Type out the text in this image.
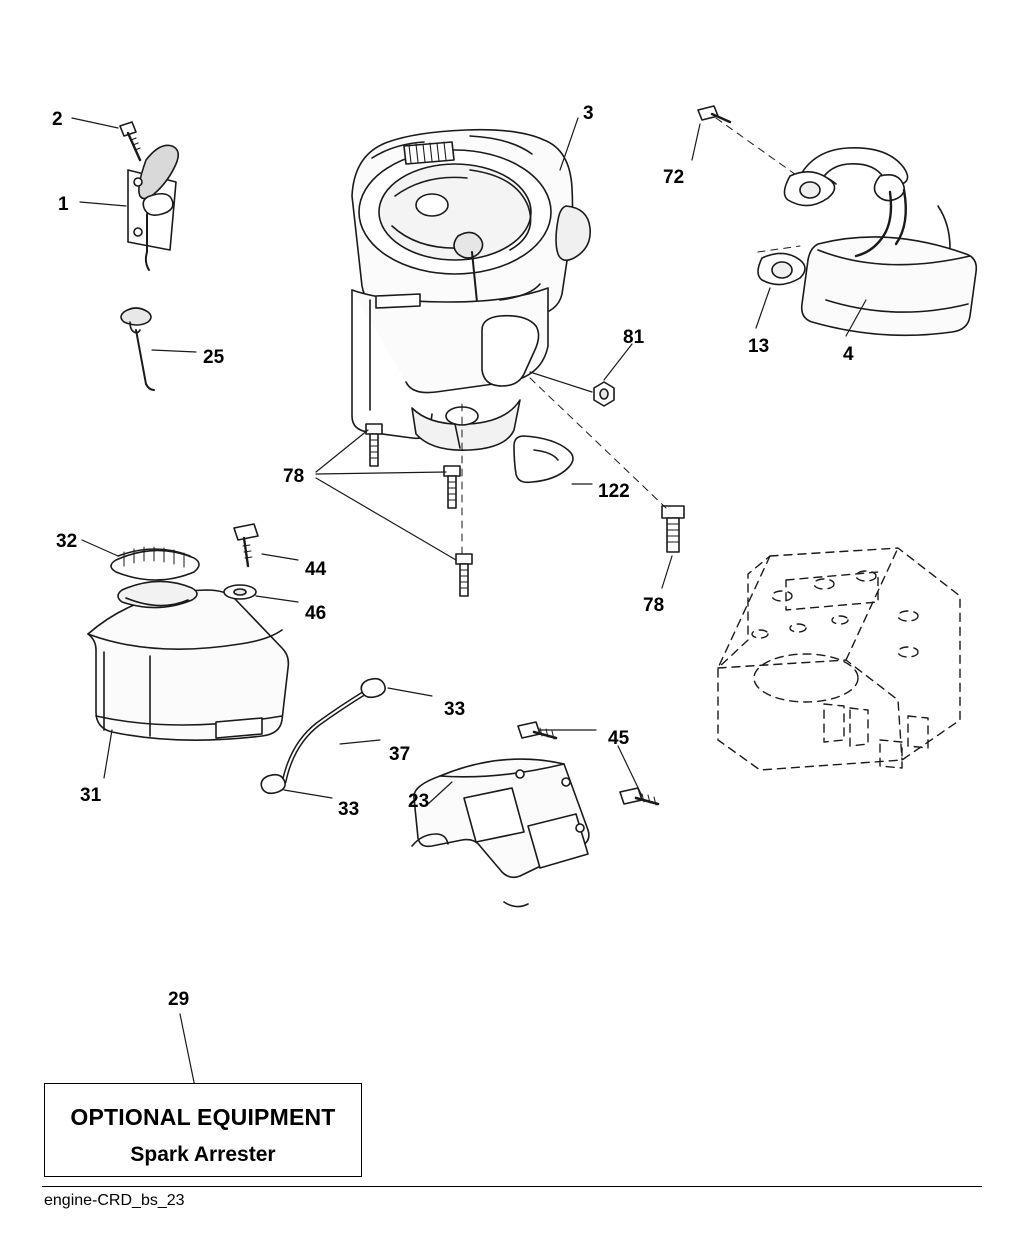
2
1
25
3
72
13	4
81
78
122
78
32
44
46
31
33
37
33	23
45
29
OPTIONAL EQUIPMENT
Spark Arrester
engine-CRD_bs_23
